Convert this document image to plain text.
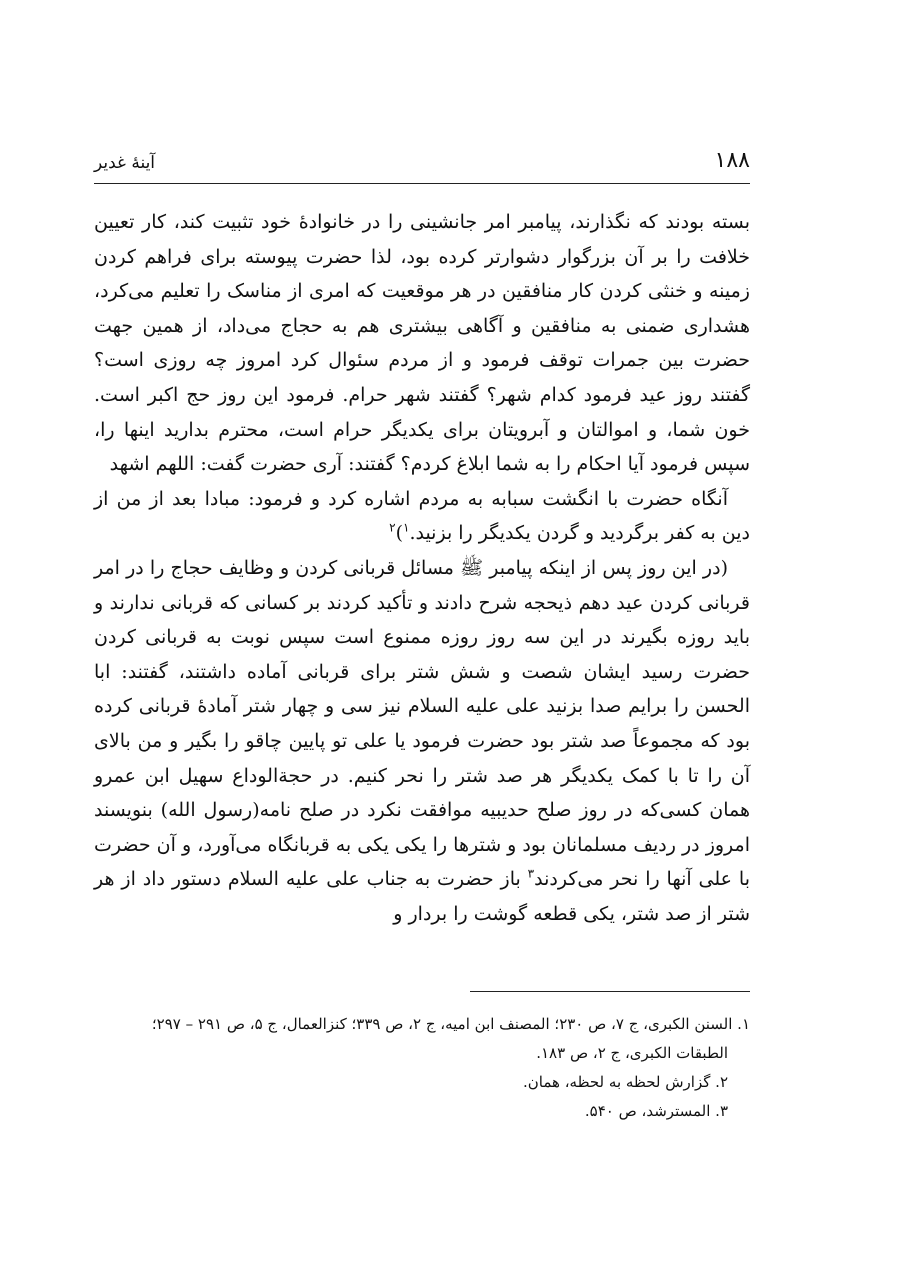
۱۸۸
آینهٔ غدیر

بسته بودند که نگذارند، پیامبر امر جانشینی را در خانوادهٔ خود تثبیت کند، کار تعیین خلافت را بر آن بزرگوار دشوارتر کرده بود، لذا حضرت پیوسته برای فراهم کردن زمینه و خنثی کردن کار منافقین در هر موقعیت که امری از مناسک را تعلیم می‌کرد، هشداری ضمنی به منافقین و آگاهی بیشتری هم به حجاج می‌داد، از همین جهت حضرت بین جمرات توقف فرمود و از مردم سئوال کرد امروز چه روزی است؟ گفتند روز عید فرمود کدام شهر؟ گفتند شهر حرام. فرمود این روز حج اکبر است. خون شما، و اموالتان و آبرویتان برای یکدیگر حرام است، محترم بدارید اینها را، سپس فرمود آیا احکام را به شما ابلاغ کردم؟ گفتند: آری حضرت گفت: اللهم اشهد

آنگاه حضرت با انگشت سبابه به مردم اشاره کرد و فرمود: مبادا بعد از من از دین به کفر برگردید و گردن یکدیگر را بزنید.$^۱$)$^۲$

(در این روز پس از اینکه پیامبر ﷺ مسائل قربانی کردن و وظایف حجاج را در امر قربانی کردن عید دهم ذیحجه شرح دادند و تأکید کردند بر کسانی که قربانی ندارند و باید روزه بگیرند در این سه روز روزه ممنوع است سپس نوبت به قربانی کردن حضرت رسید ایشان شصت و شش شتر برای قربانی آماده داشتند، گفتند: ابا الحسن را برایم صدا بزنید علی علیه السلام نیز سی و چهار شتر آمادهٔ قربانی کرده بود که مجموعاً صد شتر بود حضرت فرمود یا علی تو پایین چاقو را بگیر و من بالای آن را تا با کمک یکدیگر هر صد شتر را نحر کنیم. در حجةالوداع سهیل ابن عمرو همان کسی‌که در روز صلح حدیبیه موافقت نکرد در صلح نامه(رسول الله) بنویسند امروز در ردیف مسلمانان بود و شترها را یکی یکی به قربانگاه می‌آورد، و آن حضرت با علی آنها را نحر می‌کردند$^۳$ باز حضرت به جناب علی علیه السلام دستور داد از هر شتر از صد شتر، یکی قطعه گوشت را بردار و

۱. السنن الکبری، ج ۷، ص ۲۳۰؛ المصنف ابن امیه، ج ۲، ص ۳۳۹؛ کنزالعمال، ج ۵، ص ۲۹۱ – ۲۹۷؛

الطبقات الکبری، ج ۲، ص ۱۸۳.

۲. گزارش لحظه به لحظه، همان.

۳. المسترشد، ص ۵۴۰.
